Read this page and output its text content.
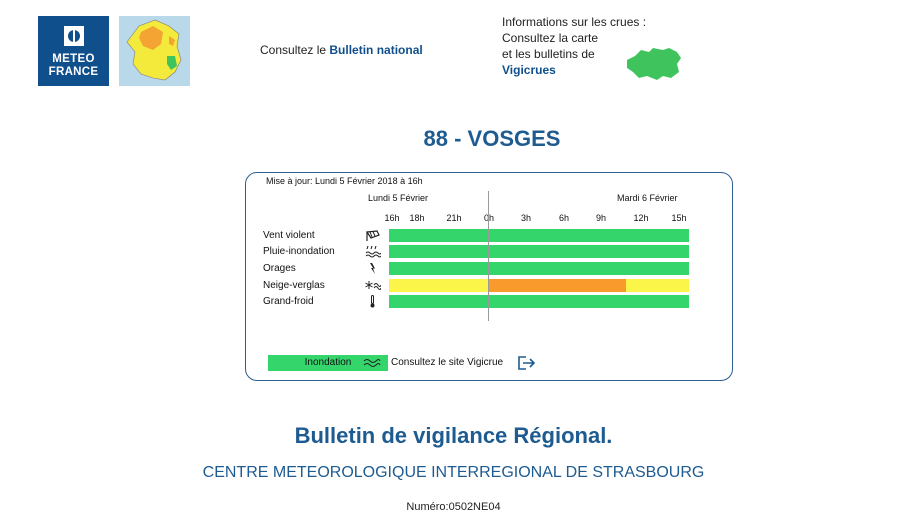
METEO
FRANCE
Consultez le Bulletin national
Informations sur les crues :
Consultez la carte
et les bulletins de
Vigicrues
88 - VOSGES
Mise à jour: Lundi 5 Février 2018 à 16h
Lundi 5 Février	Mardi 6 Février
16h 18h 21h 0h	3h	6h	9h	12h	15h
Vent violent
Pluie-inondation
Orages
Neige-verglas
Grand-froid
Inondation	Consultez le site Vigicrue
Bulletin de vigilance Régional.
CENTRE METEOROLOGIQUE INTERREGIONAL DE STRASBOURG
Numéro:0502NE04
